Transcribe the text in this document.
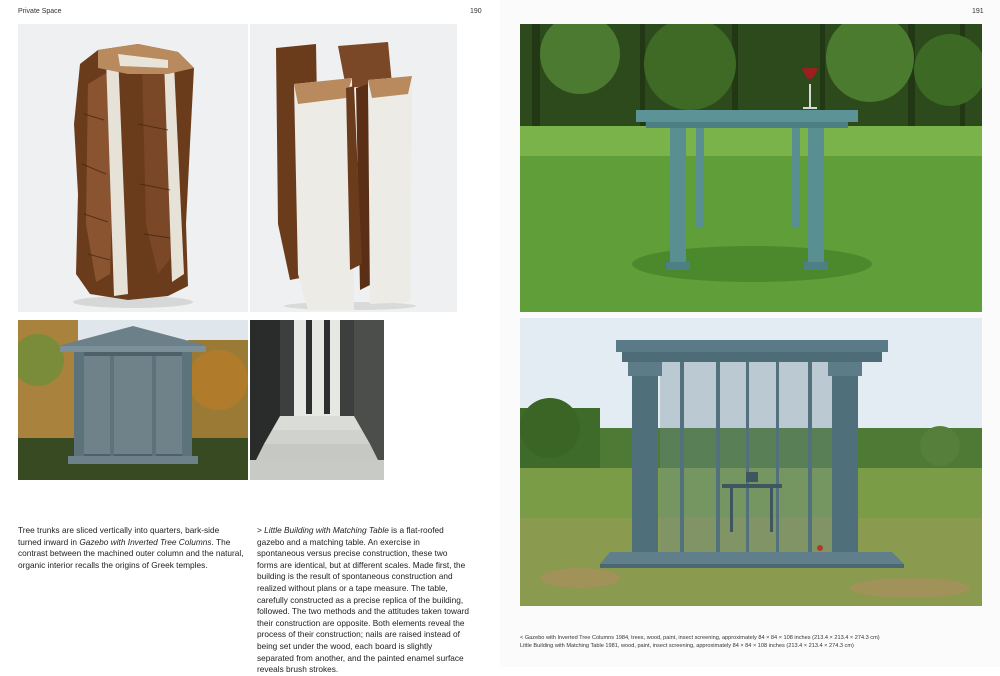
Private Space	190
Tree trunks are sliced vertically into quarters, bark-side turned inward in Gazebo with Inverted Tree Columns. The contrast between the machined outer column and the natural, organic interior recalls the origins of Greek temples.
> Little Building with Matching Table is a flat-roofed gazebo and a matching table. An exercise in spontaneous versus precise construction, these two forms are identical, but at different scales. Made first, the building is the result of spontaneous construction and realized without plans or a tape measure. The table, carefully constructed as a precise replica of the building, followed. The two methods and the attitudes taken toward their construction are opposite. Both elements reveal the process of their construction; nails are raised instead of being set under the wood, each board is slightly separated from another, and the painted enamel surface reveals brush strokes.
191
< Gazebo with Inverted Tree Columns 1984, trees, wood, paint, insect screening, approximately 84 × 84 × 108 inches (213.4 × 213.4 × 274.3 cm)
Little Building with Matching Table 1981, wood, paint, insect screening, approximately 84 × 84 × 108 inches (213.4 × 213.4 × 274.3 cm)
